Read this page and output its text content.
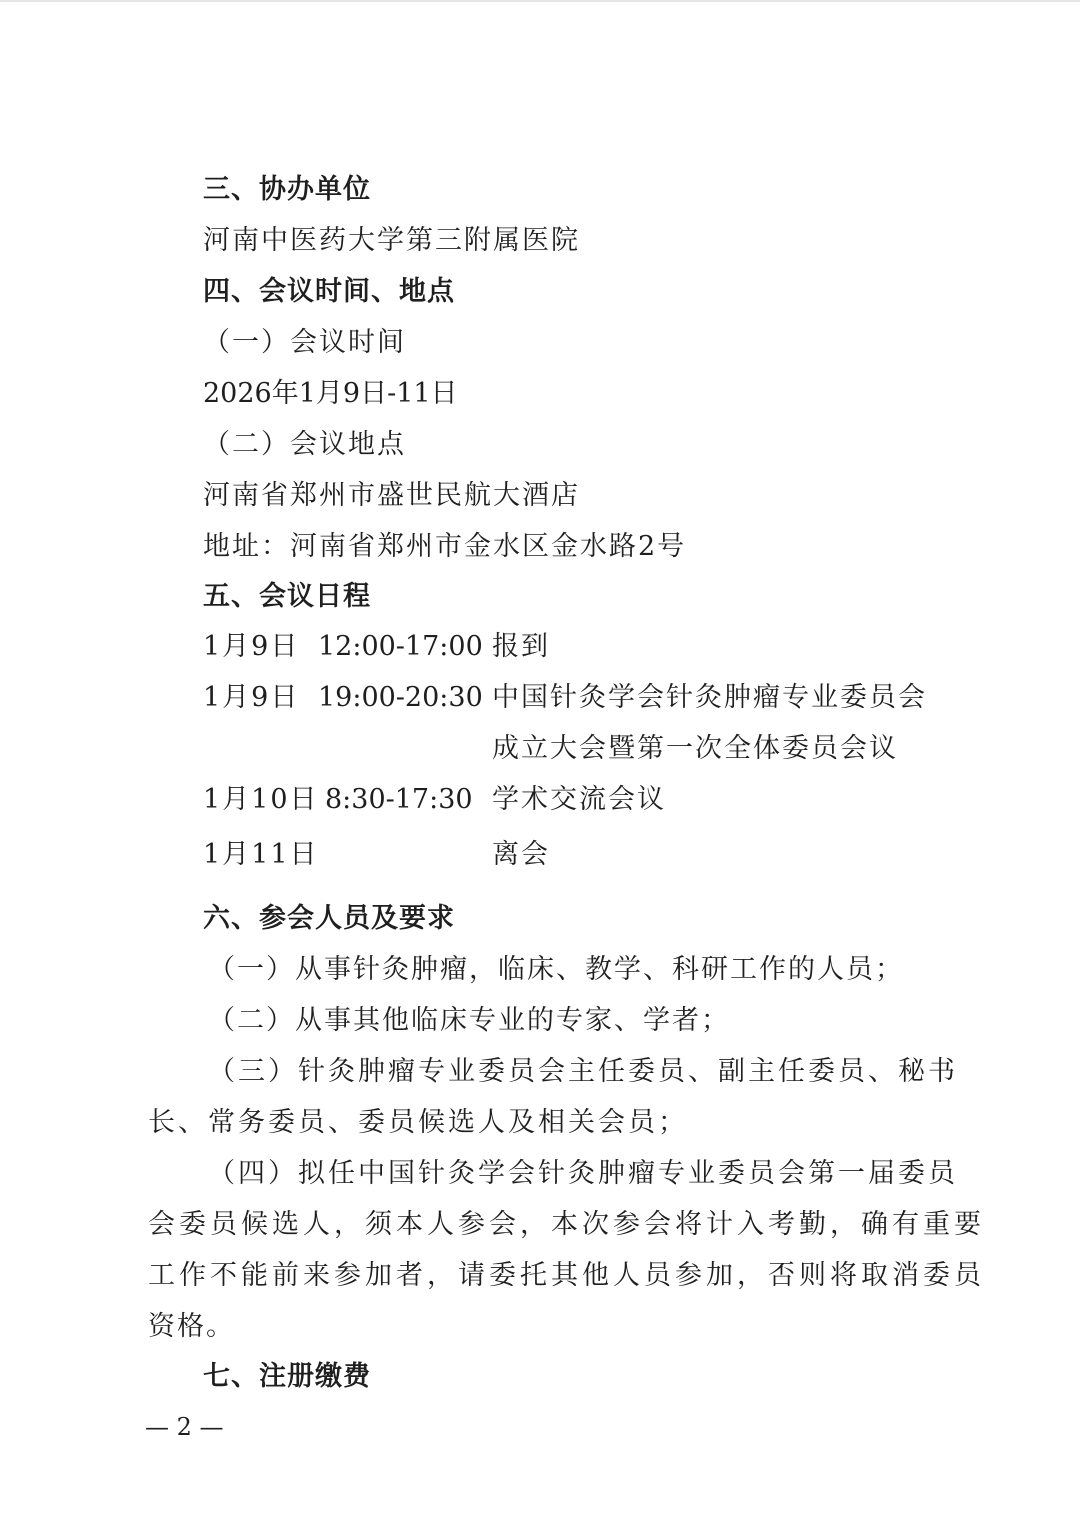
三、协办单位
河南中医药大学第三附属医院
四、会议时间、地点
（一）会议时间
2026年1月9日-11日
（二）会议地点
河南省郑州市盛世民航大酒店
地址：河南省郑州市金水区金水路2号
五、会议日程
1月9日 12:00-17:00 报到
1月9日 19:00-20:30 中国针灸学会针灸肿瘤专业委员会
成立大会暨第一次全体委员会议
1月10日 8:30-17:30 学术交流会议
1月11日	离会
六、参会人员及要求
（一）从事针灸肿瘤，临床、教学、科研工作的人员；
（二）从事其他临床专业的专家、学者；
（三）针灸肿瘤专业委员会主任委员、副主任委员、秘书
长、常务委员、委员候选人及相关会员；
（四）拟任中国针灸学会针灸肿瘤专业委员会第一届委员
会委员候选人，须本人参会，本次参会将计入考勤，确有重要
工作不能前来参加者，请委托其他人员参加，否则将取消委员
资格。
七、注册缴费
— 2 —
